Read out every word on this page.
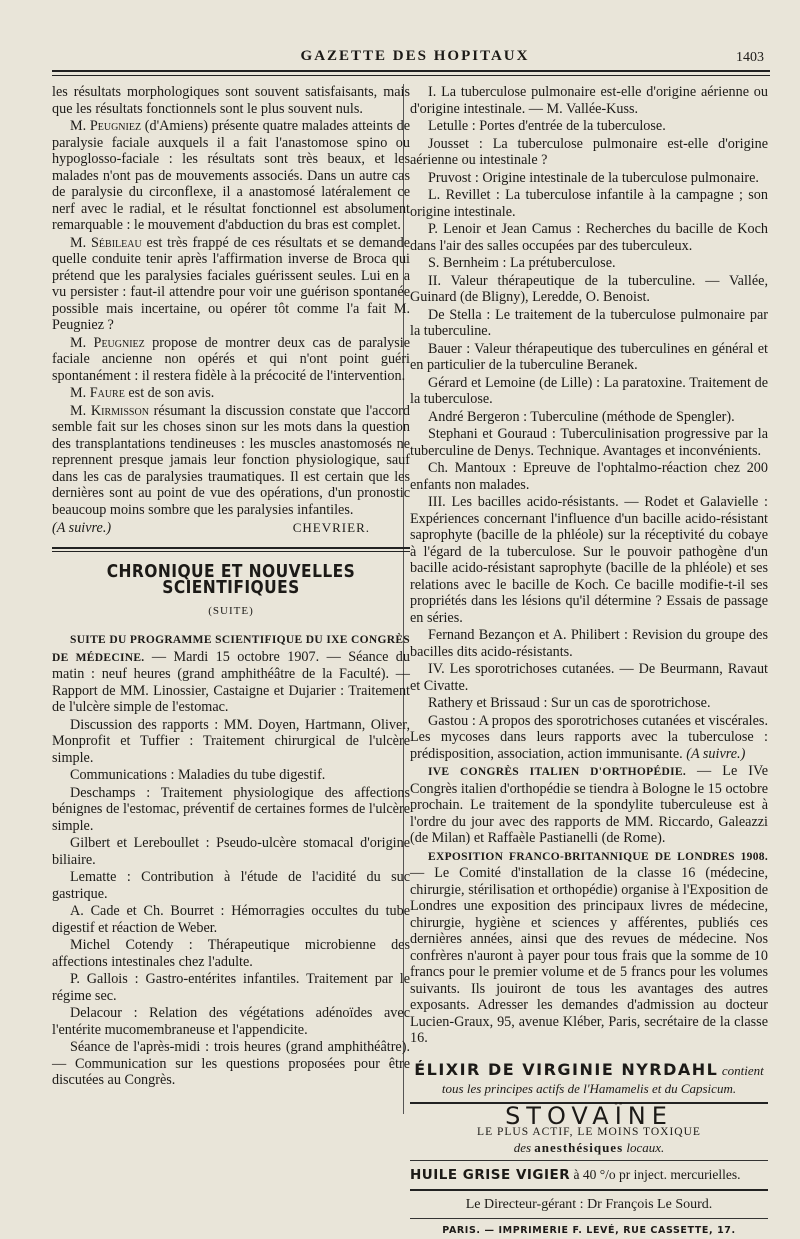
GAZETTE DES HOPITAUX	1403

les résultats morphologiques sont souvent satisfaisants, mais que les résultats fonctionnels sont le plus souvent nuls.

M. Peugniez (d'Amiens) présente quatre malades atteints de paralysie faciale auxquels il a fait l'anastomose spino ou hypoglosso-faciale : les résultats sont très beaux, et les malades n'ont pas de mouvements associés. Dans un autre cas de paralysie du circonflexe, il a anastomosé latéralement ce nerf avec le radial, et le résultat fonctionnel est absolument remarquable : le mouvement d'abduction du bras est complet.

M. Sébileau est très frappé de ces résultats et se demande quelle conduite tenir après l'affirmation inverse de Broca qui prétend que les paralysies faciales guérissent seules. Lui en a vu persister : faut-il attendre pour voir une guérison spontanée possible mais incertaine, ou opérer tôt comme l'a fait M. Peugniez ?

M. Peugniez propose de montrer deux cas de paralysie faciale ancienne non opérés et qui n'ont point guéri spontanément : il restera fidèle à la précocité de l'intervention.

M. Faure est de son avis.

M. Kirmisson résumant la discussion constate que l'accord semble fait sur les choses sinon sur les mots dans la question des transplantations tendineuses : les muscles anastomosés ne reprennent presque jamais leur fonction physiologique, sauf dans les cas de paralysies traumatiques. Il est certain que les dernières sont au point de vue des opérations, d'un pronostic beaucoup moins sombre que les paralysies infantiles.

(A suivre.)	CHEVRIER.
CHRONIQUE ET NOUVELLES SCIENTIFIQUES
(SUITE)

SUITE DU PROGRAMME SCIENTIFIQUE DU IXE CONGRÈS DE MÉDECINE. — Mardi 15 octobre 1907. — Séance du matin : neuf heures (grand amphithéâtre de la Faculté). — Rapport de MM. Linossier, Castaigne et Dujarier : Traitement de l'ulcère simple de l'estomac.

Discussion des rapports : MM. Doyen, Hartmann, Oliver, Monprofit et Tuffier : Traitement chirurgical de l'ulcère simple.

Communications : Maladies du tube digestif.

Deschamps : Traitement physiologique des affections bénignes de l'estomac, préventif de certaines formes de l'ulcère simple.

Gilbert et Lereboullet : Pseudo-ulcère stomacal d'origine biliaire.

Lematte : Contribution à l'étude de l'acidité du suc gastrique.

A. Cade et Ch. Bourret : Hémorragies occultes du tube digestif et réaction de Weber.

Michel Cotendy : Thérapeutique microbienne des affections intestinales chez l'adulte.

P. Gallois : Gastro-entérites infantiles. Traitement par le régime sec.

Delacour : Relation des végétations adénoïdes avec l'entérite mucomembraneuse et l'appendicite.

Séance de l'après-midi : trois heures (grand amphithéâtre). — Communication sur les questions proposées pour être discutées au Congrès.

I. La tuberculose pulmonaire est-elle d'origine aérienne ou d'origine intestinale. — M. Vallée-Kuss.

Letulle : Portes d'entrée de la tuberculose.

Jousset : La tuberculose pulmonaire est-elle d'origine aérienne ou intestinale ?

Pruvost : Origine intestinale de la tuberculose pulmonaire.

L. Revillet : La tuberculose infantile à la campagne ; son origine intestinale.

P. Lenoir et Jean Camus : Recherches du bacille de Koch dans l'air des salles occupées par des tuberculeux.

S. Bernheim : La prétuberculose.

II. Valeur thérapeutique de la tuberculine. — Vallée, Guinard (de Bligny), Leredde, O. Benoist.

De Stella : Le traitement de la tuberculose pulmonaire par la tuberculine.

Bauer : Valeur thérapeutique des tuberculines en général et en particulier de la tuberculine Beranek.

Gérard et Lemoine (de Lille) : La paratoxine. Traitement de la tuberculose.

André Bergeron : Tuberculine (méthode de Spengler).

Stephani et Gouraud : Tuberculinisation progressive par la tuberculine de Denys. Technique. Avantages et inconvénients.

Ch. Mantoux : Epreuve de l'ophtalmo-réaction chez 200 enfants non malades.

III. Les bacilles acido-résistants. — Rodet et Galavielle : Expériences concernant l'influence d'un bacille acido-résistant saprophyte (bacille de la phléole) sur la réceptivité du cobaye à l'égard de la tuberculose. Sur le pouvoir pathogène d'un bacille acido-résistant saprophyte (bacille de la phléole) et ses relations avec le bacille de Koch. Ce bacille modifie-t-il ses propriétés dans les lésions qu'il détermine ? Essais de passage en séries.

Fernand Bezançon et A. Philibert : Revision du groupe des bacilles dits acido-résistants.

IV. Les sporotrichoses cutanées. — De Beurmann, Ravaut et Civatte.

Rathery et Brissaud : Sur un cas de sporotrichose.

Gastou : A propos des sporotrichoses cutanées et viscérales. Les mycoses dans leurs rapports avec la tuberculose : prédisposition, association, action immunisante. (A suivre.)

IVE CONGRÈS ITALIEN D'ORTHOPÉDIE. — Le IVe Congrès italien d'orthopédie se tiendra à Bologne le 15 octobre prochain. Le traitement de la spondylite tuberculeuse est à l'ordre du jour avec des rapports de MM. Riccardo, Galeazzi (de Milan) et Raffaèle Pastianelli (de Rome).

EXPOSITION FRANCO-BRITANNIQUE DE LONDRES 1908. — Le Comité d'installation de la classe 16 (médecine, chirurgie, stérilisation et orthopédie) organise à l'Exposition de Londres une exposition des principaux livres de médecine, chirurgie, hygiène et sciences y afférentes, publiés ces dernières années, ainsi que des revues de médecine. Nos confrères n'auront à payer pour tous frais que la somme de 10 francs pour le premier volume et de 5 francs pour les volumes suivants. Ils jouiront de tous les avantages des autres exposants. Adresser les demandes d'admission au docteur Lucien-Graux, 95, avenue Kléber, Paris, secrétaire de la classe 16.

ÉLIXIR DE VIRGINIE NYRDAHL contient tous les principes actifs de l'Hamamelis et du Capsicum.
STOVAÏNE
LE PLUS ACTIF, LE MOINS TOXIQUE
des anesthésiques locaux.
HUILE GRISE VIGIER à 40 °/o pr inject. mercurielles.
Le Directeur-gérant : Dr François Le Sourd.
PARIS. — IMPRIMERIE F. LEVÉ, RUE CASSETTE, 17.
